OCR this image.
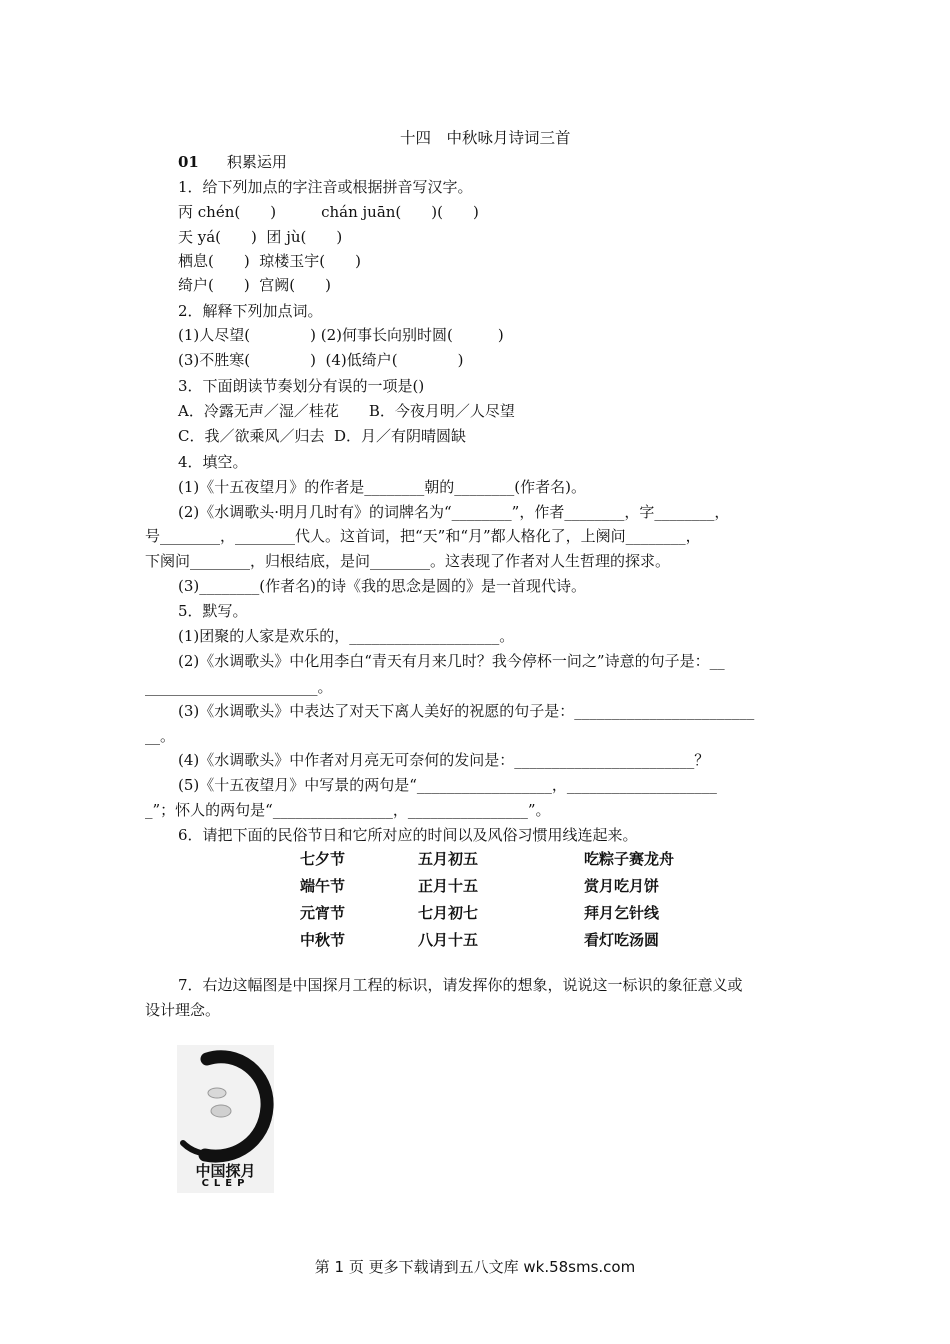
十四　中秋咏月诗词三首
01 积累运用
1．给下列加点的字注音或根据拼音写汉字。
丙 chén(　　)　　　chán juān(　　)(　　)
天 yá(　　)  团 jù(　　)
栖息(　　)  琼楼玉宇(　　)
绮户(　　)  宫阙(　　)
2．解释下列加点词。
(1)人尽望(　　　　) (2)何事长向别时圆(　　　)
(3)不胜寒(　　　　)  (4)低绮户(　　　　)
3．下面朗读节奏划分有误的一项是()
A．冷露无声／湿／桂花　　B．今夜月明／人尽望
C．我／欲乘风／归去  D．月／有阴晴圆缺
4．填空。
(1)《十五夜望月》的作者是________朝的________(作者名)。
(2)《水调歌头·明月几时有》的词牌名为“________”，作者________，字________，
号________，________代人。这首词，把“天”和“月”都人格化了，上阕问________，
下阕问________，归根结底，是问________。这表现了作者对人生哲理的探求。
(3)________(作者名)的诗《我的思念是圆的》是一首现代诗。
5．默写。
(1)团聚的人家是欢乐的，____________________。
(2)《水调歌头》中化用李白“青天有月来几时？我今停杯一问之”诗意的句子是：__
_______________________。
(3)《水调歌头》中表达了对天下离人美好的祝愿的句子是：________________________
__。
(4)《水调歌头》中作者对月亮无可奈何的发问是：________________________？
(5)《十五夜望月》中写景的两句是“__________________，____________________
_”；怀人的两句是“________________，________________”。
6．请把下面的民俗节日和它所对应的时间以及风俗习惯用线连起来。
七夕节	五月初五	吃粽子赛龙舟
端午节	正月十五	赏月吃月饼
元宵节	七月初七	拜月乞针线
中秋节	八月十五	看灯吃汤圆
7．右边这幅图是中国探月工程的标识，请发挥你的想象，说说这一标识的象征意义或
设计理念。
中国探月
CLEP
第 1 页 更多下载请到五八文库 wk.58sms.com
